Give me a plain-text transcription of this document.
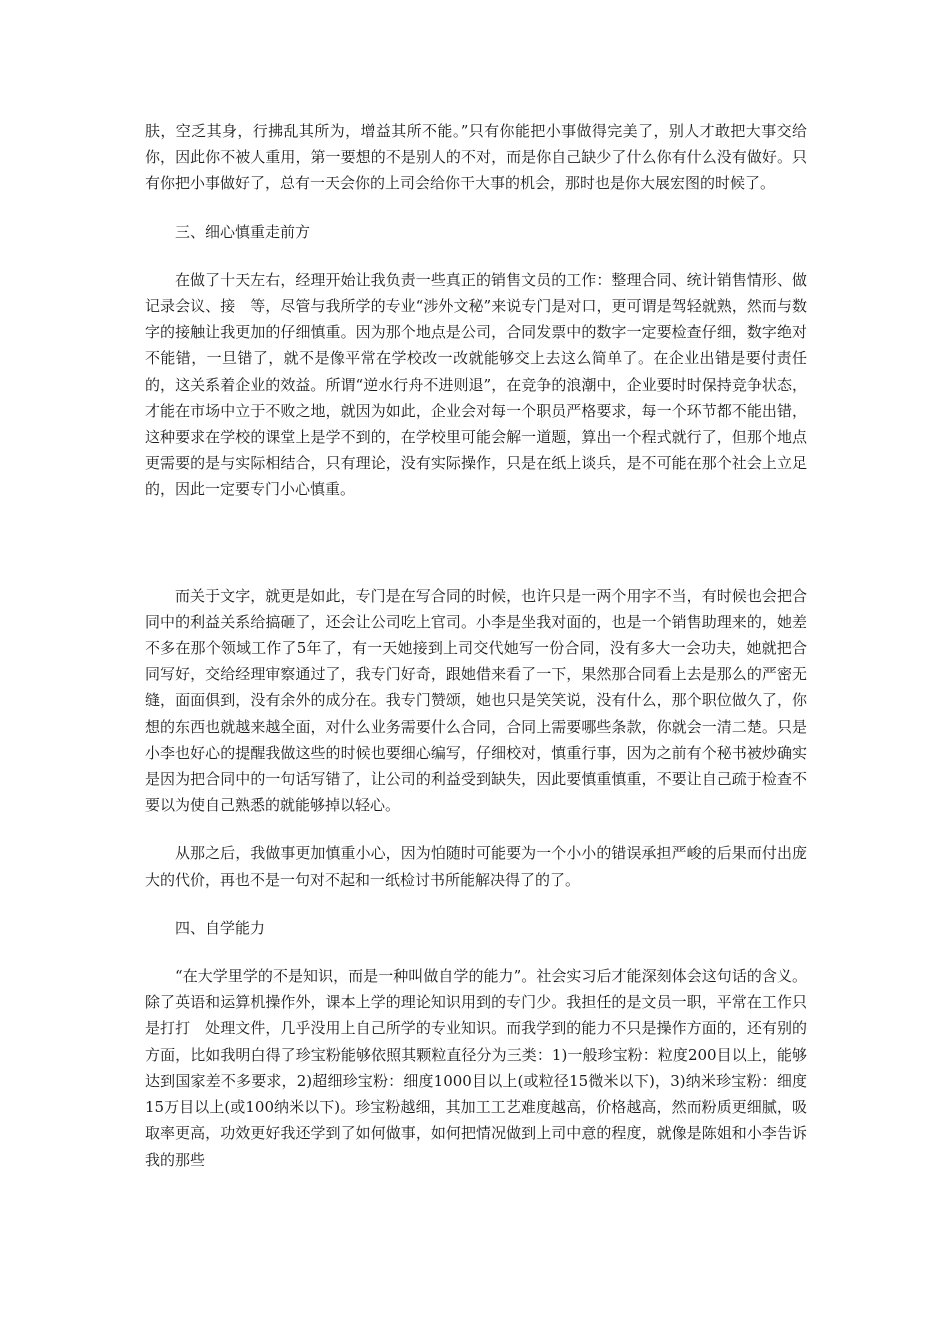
肤，空乏其身，行拂乱其所为，增益其所不能。”只有你能把小事做得完美了，别人才敢把大事交给你，因此你不被人重用，第一要想的不是别人的不对，而是你自己缺少了什么你有什么没有做好。只有你把小事做好了，总有一天会你的上司会给你干大事的机会，那时也是你大展宏图的时候了。

三、细心慎重走前方

在做了十天左右，经理开始让我负责一些真正的销售文员的工作：整理合同、统计销售情形、做记录会议、接　等，尽管与我所学的专业“涉外文秘”来说专门是对口，更可谓是驾轻就熟，然而与数字的接触让我更加的仔细慎重。因为那个地点是公司，合同发票中的数字一定要检查仔细，数字绝对不能错，一旦错了，就不是像平常在学校改一改就能够交上去这么简单了。在企业出错是要付责任的，这关系着企业的效益。所谓“逆水行舟不进则退”，在竞争的浪潮中，企业要时时保持竞争状态，才能在市场中立于不败之地，就因为如此，企业会对每一个职员严格要求，每一个环节都不能出错，这种要求在学校的课堂上是学不到的，在学校里可能会解一道题，算出一个程式就行了，但那个地点更需要的是与实际相结合，只有理论，没有实际操作，只是在纸上谈兵，是不可能在那个社会上立足的，因此一定要专门小心慎重。

而关于文字，就更是如此，专门是在写合同的时候，也许只是一两个用字不当，有时候也会把合同中的利益关系给搞砸了，还会让公司吃上官司。小李是坐我对面的，也是一个销售助理来的，她差不多在那个领域工作了5年了，有一天她接到上司交代她写一份合同，没有多大一会功夫，她就把合同写好，交给经理审察通过了，我专门好奇，跟她借来看了一下，果然那合同看上去是那么的严密无缝，面面俱到，没有余外的成分在。我专门赞颂，她也只是笑笑说，没有什么，那个职位做久了，你想的东西也就越来越全面，对什么业务需要什么合同，合同上需要哪些条款，你就会一清二楚。只是小李也好心的提醒我做这些的时候也要细心编写，仔细校对，慎重行事，因为之前有个秘书被炒确实是因为把合同中的一句话写错了，让公司的利益受到缺失，因此要慎重慎重，不要让自己疏于检查不要以为使自己熟悉的就能够掉以轻心。

从那之后，我做事更加慎重小心，因为怕随时可能要为一个小小的错误承担严峻的后果而付出庞大的代价，再也不是一句对不起和一纸检讨书所能解决得了的了。

四、自学能力

“在大学里学的不是知识，而是一种叫做自学的能力”。社会实习后才能深刻体会这句话的含义。除了英语和运算机操作外，课本上学的理论知识用到的专门少。我担任的是文员一职，平常在工作只是打打　处理文件，几乎没用上自己所学的专业知识。而我学到的能力不只是操作方面的，还有别的方面，比如我明白得了珍宝粉能够依照其颗粒直径分为三类：1)一般珍宝粉：粒度200目以上，能够达到国家差不多要求，2)超细珍宝粉：细度1000目以上(或粒径15微米以下)，3)纳米珍宝粉：细度15万目以上(或100纳米以下)。珍宝粉越细，其加工工艺难度越高，价格越高，然而粉质更细腻，吸取率更高，功效更好我还学到了如何做事，如何把情况做到上司中意的程度，就像是陈姐和小李告诉我的那些
